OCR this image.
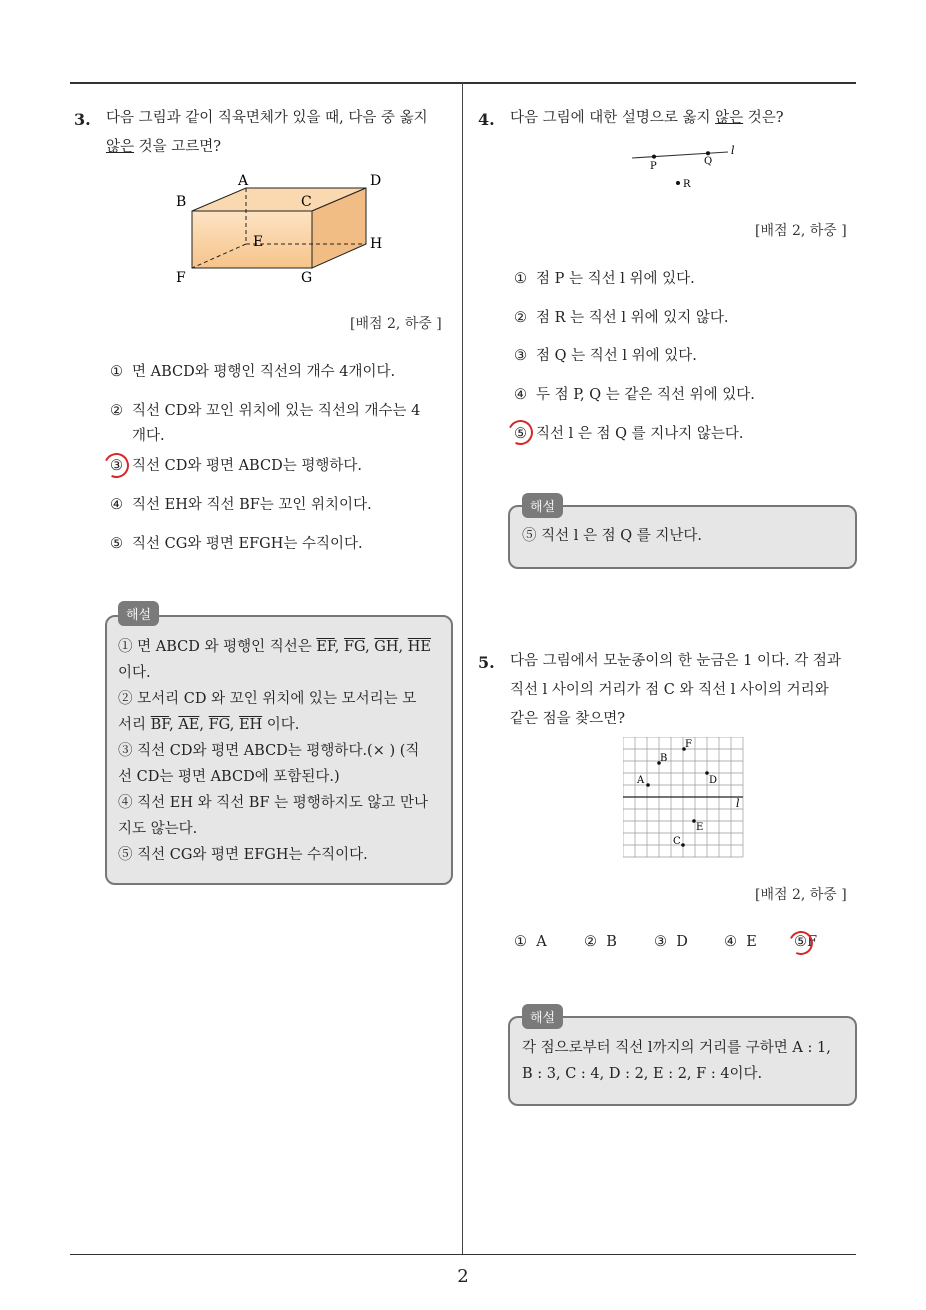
3. 다음 그림과 같이 직육면체가 있을 때, 다음 중 옳지
않은 것을 고르면?
A	D
B	C
E	H
F	G
[배점 2, 하중 ]
① 면 ABCD와 평행인 직선의 개수 4개이다.
② 직선 CD와 꼬인 위치에 있는 직선의 개수는 4
개다.
③ 직선 CD와 평면 ABCD는 평행하다.
④ 직선 EH와 직선 BF는 꼬인 위치이다.
⑤ 직선 CG와 평면 EFGH는 수직이다.
해설
① 면 ABCD 와 평행인 직선은 $\overline{EF}$, $\overline{FG}$, $\overline{GH}$, $\overline{HE}$
이다.
② 모서리 CD 와 꼬인 위치에 있는 모서리는 모
서리 $\overline{BF}$, $\overline{AE}$, $\overline{FG}$, $\overline{EH}$ 이다.
③ 직선 CD와 평면 ABCD는 평행하다.(× ) (직
선 CD는 평면 ABCD에 포함된다.)
④ 직선 EH 와 직선 BF 는 평행하지도 않고 만나
지도 않는다.
⑤ 직선 CG와 평면 EFGH는 수직이다.
4. 다음 그림에 대한 설명으로 옳지 않은 것은?
P	Q
R
l
[배점 2, 하중 ]
① 점 P 는 직선 l 위에 있다.
② 점 R 는 직선 l 위에 있지 않다.
③ 점 Q 는 직선 l 위에 있다.
④ 두 점 P, Q 는 같은 직선 위에 있다.
⑤ 직선 l 은 점 Q 를 지나지 않는다.
해설
⑤ 직선 l 은 점 Q 를 지난다.
5. 다음 그림에서 모눈종이의 한 눈금은 1 이다. 각 점과
직선 l 사이의 거리가 점 C 와 직선 l 사이의 거리와
같은 점을 찾으면?
A
B
F
D
E
C
l
[배점 2, 하중 ]
① A	② B	③ D ④ E	⑤F
해설
각 점으로부터 직선 l까지의 거리를 구하면 A : 1,
B : 3, C : 4, D : 2, E : 2, F : 4이다.
2
